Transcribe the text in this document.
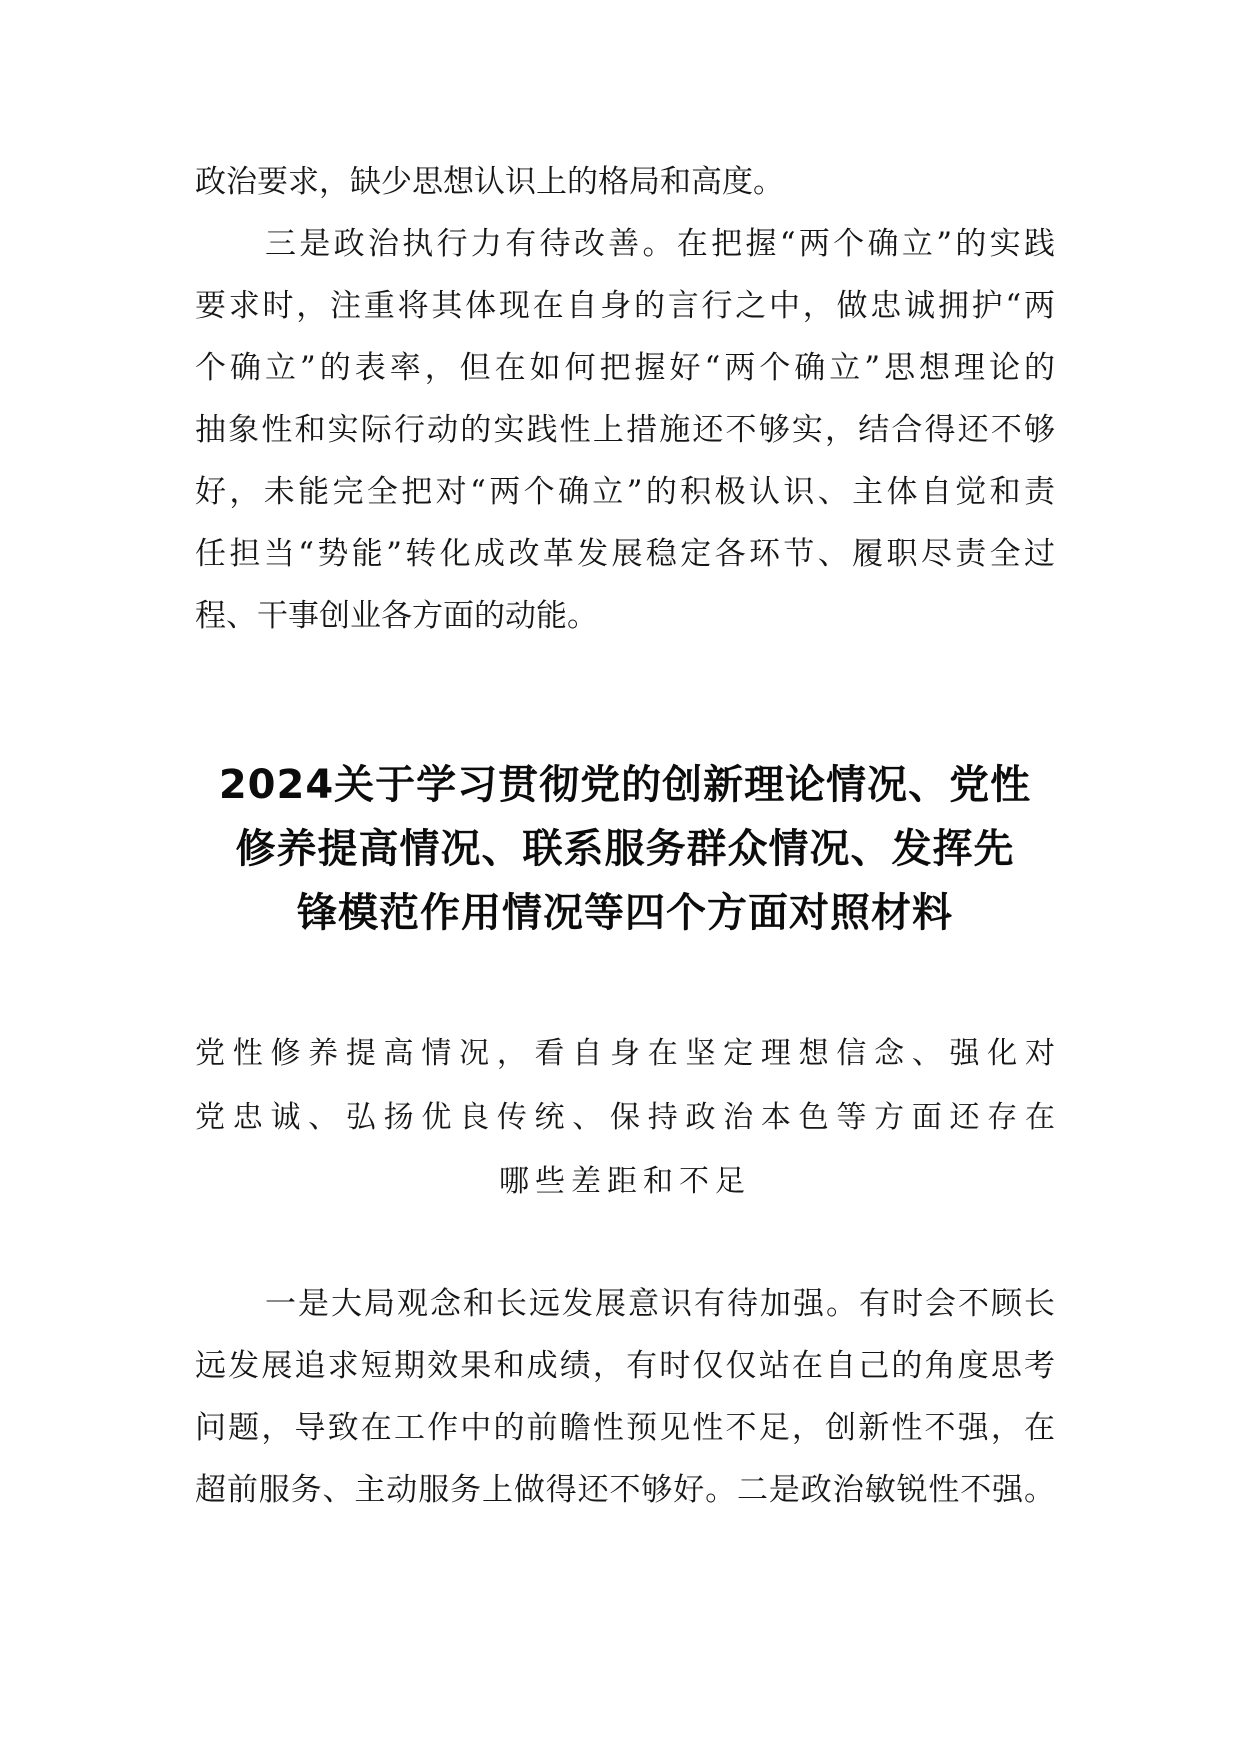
政治要求，缺少思想认识上的格局和高度。
三是政治执行力有待改善。在把握“两个确立”的实践
要求时，注重将其体现在自身的言行之中，做忠诚拥护“两
个确立”的表率，但在如何把握好“两个确立”思想理论的
抽象性和实际行动的实践性上措施还不够实，结合得还不够
好，未能完全把对“两个确立”的积极认识、主体自觉和责
任担当“势能”转化成改革发展稳定各环节、履职尽责全过
程、干事创业各方面的动能。
2024关于学习贯彻党的创新理论情况、党性
修养提高情况、联系服务群众情况、发挥先
锋模范作用情况等四个方面对照材料
党性修养提高情况，看自身在坚定理想信念、强化对
党忠诚、弘扬优良传统、保持政治本色等方面还存在
哪些差距和不足
一是大局观念和长远发展意识有待加强。有时会不顾长
远发展追求短期效果和成绩，有时仅仅站在自己的角度思考
问题，导致在工作中的前瞻性预见性不足，创新性不强，在
超前服务、主动服务上做得还不够好。二是政治敏锐性不强。
